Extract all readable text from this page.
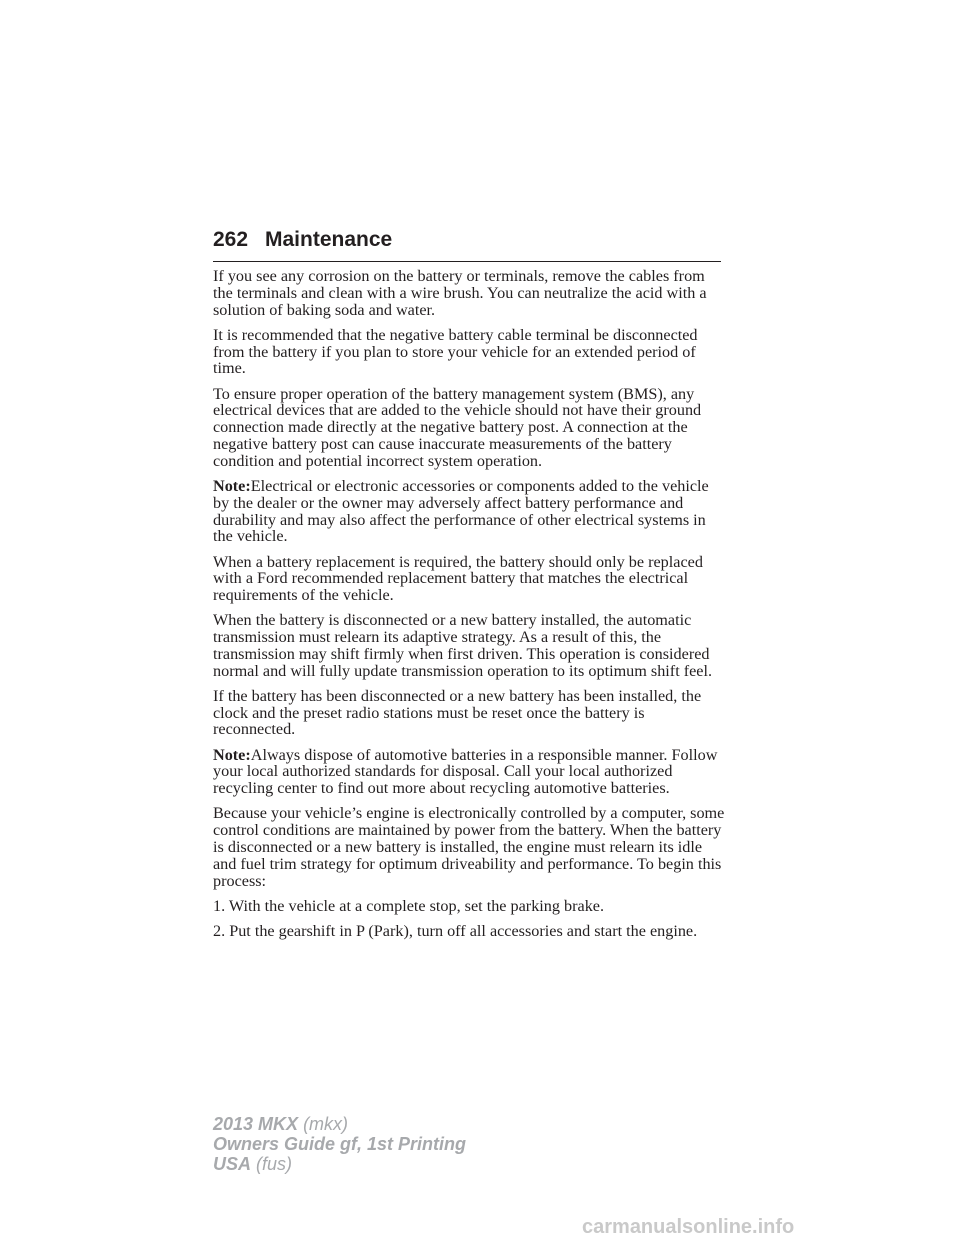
262 Maintenance

If you see any corrosion on the battery or terminals, remove the cables from the terminals and clean with a wire brush. You can neutralize the acid with a solution of baking soda and water.

It is recommended that the negative battery cable terminal be disconnected from the battery if you plan to store your vehicle for an extended period of time.

To ensure proper operation of the battery management system (BMS), any electrical devices that are added to the vehicle should not have their ground connection made directly at the negative battery post. A connection at the negative battery post can cause inaccurate measurements of the battery condition and potential incorrect system operation.

Note:Electrical or electronic accessories or components added to the vehicle by the dealer or the owner may adversely affect battery performance and durability and may also affect the performance of other electrical systems in the vehicle.

When a battery replacement is required, the battery should only be replaced with a Ford recommended replacement battery that matches the electrical requirements of the vehicle.

When the battery is disconnected or a new battery installed, the automatic transmission must relearn its adaptive strategy. As a result of this, the transmission may shift firmly when first driven. This operation is considered normal and will fully update transmission operation to its optimum shift feel.

If the battery has been disconnected or a new battery has been installed, the clock and the preset radio stations must be reset once the battery is reconnected.

Note:Always dispose of automotive batteries in a responsible manner. Follow your local authorized standards for disposal. Call your local authorized recycling center to find out more about recycling automotive batteries.

Because your vehicle’s engine is electronically controlled by a computer, some control conditions are maintained by power from the battery. When the battery is disconnected or a new battery is installed, the engine must relearn its idle and fuel trim strategy for optimum driveability and performance. To begin this process:

1. With the vehicle at a complete stop, set the parking brake.

2. Put the gearshift in P (Park), turn off all accessories and start the engine.

2013 MKX (mkx)
Owners Guide gf, 1st Printing
USA (fus)
carmanualsonline.info
